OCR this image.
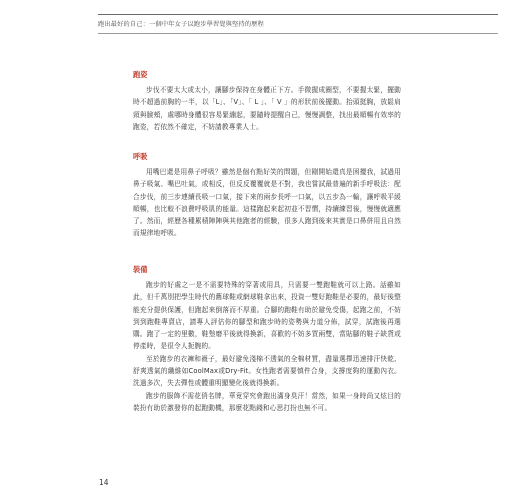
跑出最好的自己：一個中年女子以跑步學習覺與堅持的歷程
跑姿

步伐不要太大或太小，讓腳步保持在身體正下方。手微握成圈型，不要握太緊，擺動時不超過前胸的一半，以「L」、「V」、「 L 」、「 V 」的形狀前後擺動。抬頭挺胸，放鬆肩頸與臉頰，處哪時身體很容易緊繃起，要隨時提醒自己，慢慢調整，找出最順暢有效率的跑姿，若依然不確定，不妨請教專業人士。

呼吸

用嘴巴還是用鼻子呼吸？雖然是個有點好笑的問題，但剛開始還真是困擾我，試過用鼻子吸氣、嘴巴吐氣，或相反，但反反覆覆就是不對，我也嘗試最普遍的新手呼吸法：配合步伐，前三步連續長吸一口氣，接下來的兩步長呼一口氣，以五步為一輪，讓呼吸平緩順暢，也比較不浪費呼吸肌的能量。這樣跑起來起初並不習慣，持續練習後，慢慢就適應了。然而，經歷各種累積陣陣與其他跑者的經驗，很多人跑到後來其實是口鼻併用且自然而規律地呼吸。

裝備

跑步的好處之一是不需要特殊的穿著或用具，只需要一雙跑鞋就可以上路。話雖如此，但千萬別把學生時代的舊球鞋或網球鞋拿出來，投資一雙好跑鞋是必要的，最好後整能充分提供保護，但跑起來倒落而不厚重。合腳的跑鞋有助於避免受傷，起跑之前，不妨到到跑鞋專賣店，請專人評估你的腳型和跑步時的姿勢與力道分佈，試穿，試跑後再選購。跑了一定的里數，鞋墊磨平後就得換新，喜歡的不妨多買兩雙，當貼腳的鞋子缺貨或停產時，是很令人扼腕的。

至於跑步的衣褲和襪子，最好避免淺棉不透氣的全棉材質，盡量選擇迅速排汗快乾、舒爽透氣的纖維如CoolMax或Dry-Fit。女性跑者需要慎件合身，支撐度夠的運動內衣。洗過多次，失去彈性或體重明顯變化後就得換新。

跑步的服飾不需花俏名牌，華竟穿究會跑出滿身臭汗！當然，如果一身時尚又炫目的裝扮有助於激發你的起跑動機，那麼花點錢和心思打扮也無不可。

14
